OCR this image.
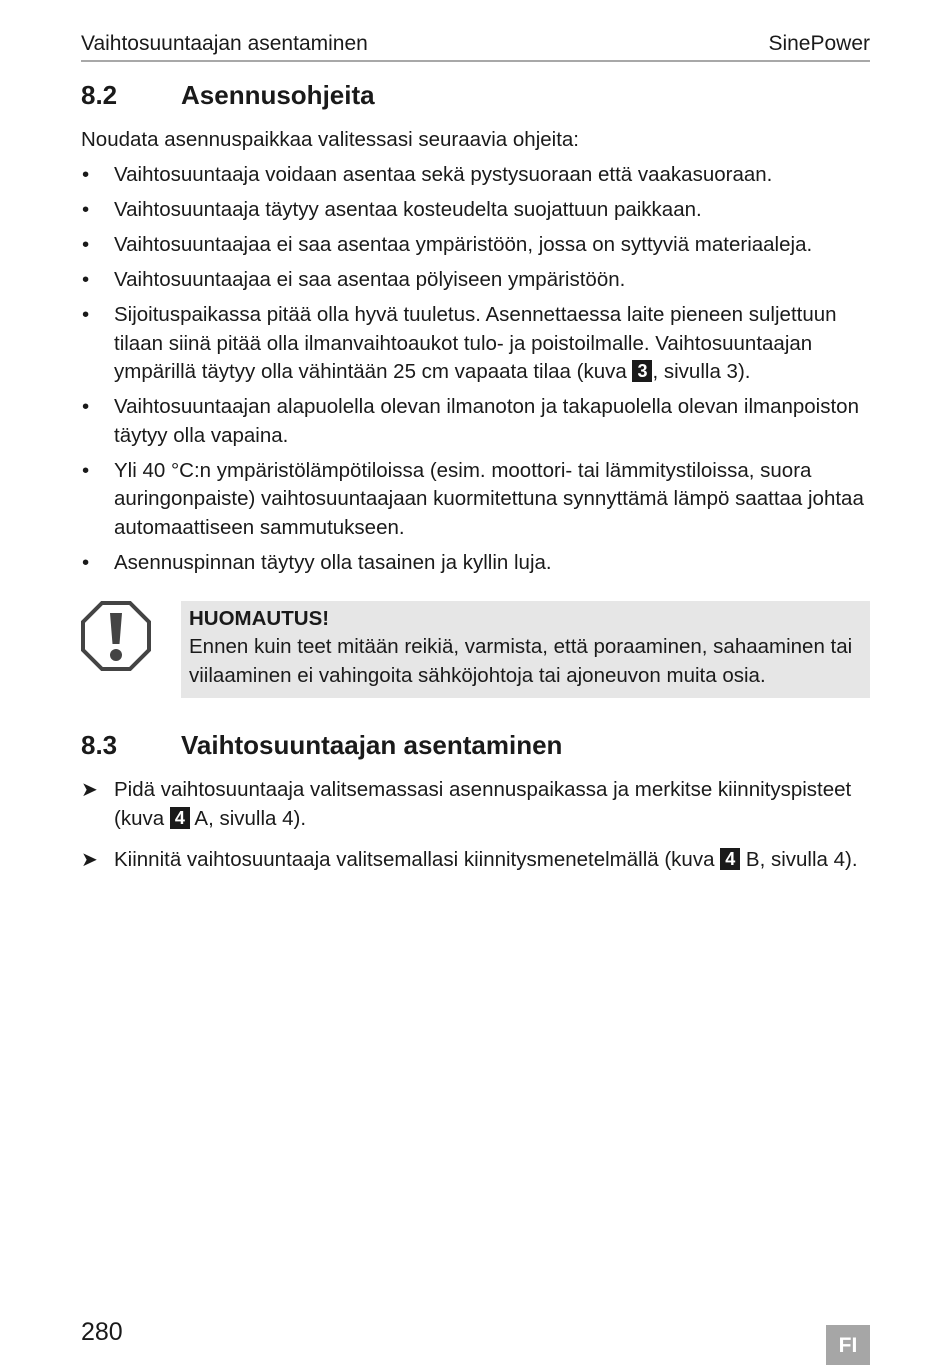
Vaihtosuuntaajan asentaminen	SinePower
8.2 Asennusohjeita
Noudata asennuspaikkaa valitessasi seuraavia ohjeita:
• Vaihtosuuntaaja voidaan asentaa sekä pystysuoraan että vaakasuoraan.
• Vaihtosuuntaaja täytyy asentaa kosteudelta suojattuun paikkaan.
• Vaihtosuuntaajaa ei saa asentaa ympäristöön, jossa on syttyviä materiaaleja.
• Vaihtosuuntaajaa ei saa asentaa pölyiseen ympäristöön.
• Sijoituspaikassa pitää olla hyvä tuuletus. Asennettaessa laite pieneen suljettuun tilaan siinä pitää olla ilmanvaihtoaukot tulo- ja poistoilmalle. Vaihtosuuntaajan ympärillä täytyy olla vähintään 25 cm vapaata tilaa (kuva 3 , sivulla 3).
• Vaihtosuuntaajan alapuolella olevan ilmanoton ja takapuolella olevan ilmanpoiston täytyy olla vapaina.
• Yli 40 °C:n ympäristölämpötiloissa (esim. moottori- tai lämmitystiloissa, suora auringonpaiste) vaihtosuuntaajaan kuormitettuna synnyttämä lämpö saattaa johtaa automaattiseen sammutukseen.
• Asennuspinnan täytyy olla tasainen ja kyllin luja.
HUOMAUTUS!
Ennen kuin teet mitään reikiä, varmista, että poraaminen, sahaaminen tai viilaaminen ei vahingoita sähköjohtoja tai ajoneuvon muita osia.
8.3 Vaihtosuuntaajan asentaminen
➤ Pidä vaihtosuuntaaja valitsemassasi asennuspaikassa ja merkitse kiinnityspisteet (kuva 4 A, sivulla 4).
➤ Kiinnitä vaihtosuuntaaja valitsemallasi kiinnitysmenetelmällä (kuva 4 B, sivulla 4).
280	FI
